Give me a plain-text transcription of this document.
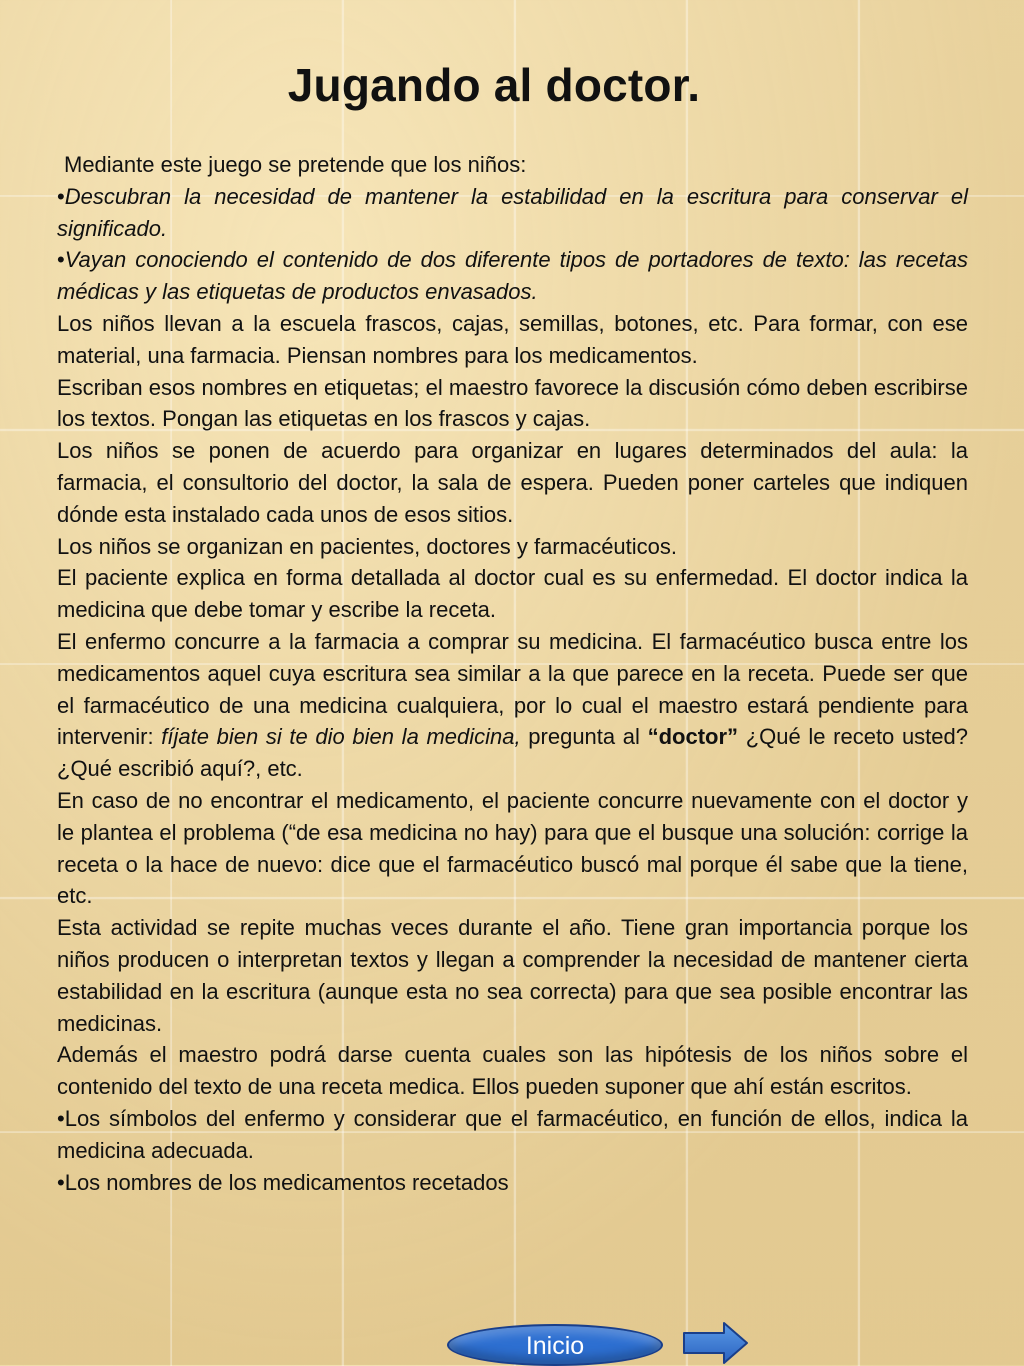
Jugando al doctor.

Mediante este juego se pretende que los niños:

•Descubran la necesidad de mantener la estabilidad en la escritura para conservar el significado.

•Vayan conociendo el contenido de dos diferente tipos de portadores de texto: las recetas médicas y las etiquetas de productos envasados.

Los niños llevan a la escuela frascos, cajas, semillas, botones, etc. Para formar, con ese material, una farmacia. Piensan nombres para los medicamentos.

Escriban esos nombres en etiquetas; el maestro favorece la discusión cómo deben escribirse los textos. Pongan las etiquetas en los frascos y cajas.

Los niños se ponen de acuerdo para organizar en lugares determinados del aula: la farmacia, el consultorio del doctor, la sala de espera. Pueden poner carteles que indiquen dónde esta instalado cada unos de esos sitios.

Los niños se organizan en pacientes, doctores y farmacéuticos.

El paciente explica en forma detallada al doctor cual es su enfermedad. El doctor indica la medicina que debe tomar y escribe la receta.

El enfermo concurre a la farmacia a comprar su medicina. El farmacéutico busca entre los medicamentos aquel cuya escritura sea similar a la que parece en la receta. Puede ser que el farmacéutico de una medicina cualquiera, por lo cual el maestro estará pendiente para intervenir: fíjate bien si te dio bien la medicina, pregunta al “doctor” ¿Qué le receto usted? ¿Qué escribió aquí?, etc.

En caso de no encontrar el medicamento, el paciente concurre nuevamente con el doctor y le plantea el problema (“de esa medicina no hay) para que el busque una solución: corrige la receta o la hace de nuevo: dice que el farmacéutico buscó mal porque él sabe que la tiene, etc.

Esta actividad se repite muchas veces durante el año. Tiene gran importancia porque los niños producen o interpretan textos y llegan a comprender la necesidad de mantener cierta estabilidad en la escritura (aunque esta no sea correcta) para que sea posible encontrar las medicinas.

Además el maestro podrá darse cuenta cuales son las hipótesis de los niños sobre el contenido del texto de una receta medica. Ellos pueden suponer que ahí están escritos.

•Los símbolos del enfermo y considerar que el farmacéutico, en función de ellos, indica la medicina adecuada.

•Los nombres de los medicamentos recetados

Inicio
